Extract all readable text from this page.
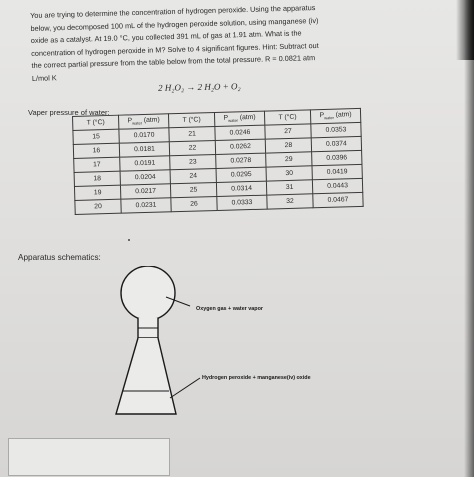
You are trying to determine the concentration of hydrogen peroxide. Using the apparatus

below, you decomposed 100 mL of the hydrogen peroxide solution, using manganese (iv)

oxide as a catalyst. At 19.0 °C, you collected 391 mL of gas at 1.91 atm. What is the

concentration of hydrogen peroxide in M? Solve to 4 significant figures. Hint: Subtract out

the correct partial pressure from the table below from the total pressure. R = 0.0821 atm

L/mol K

2 H₂O₂ → 2 H₂O + O₂
Vaper pressure of water:
T (°C)	$P_{water}$ (atm)	T (°C)	$P_{water}$ (atm)	T (°C)	$P_{water}$ (atm)
15	0.0170	21	0.0246	27	0.0353
16	0.0181	22	0.0262	28	0.0374
17	0.0191	23	0.0278	29	0.0396
18	0.0204	24	0.0295	30	0.0419
19	0.0217	25	0.0314	31	0.0443
20	0.0231	26	0.0333	32	0.0467
Apparatus schematics:
Oxygen gas + water vapor
Hydrogen peroxide + manganese(iv) oxide
